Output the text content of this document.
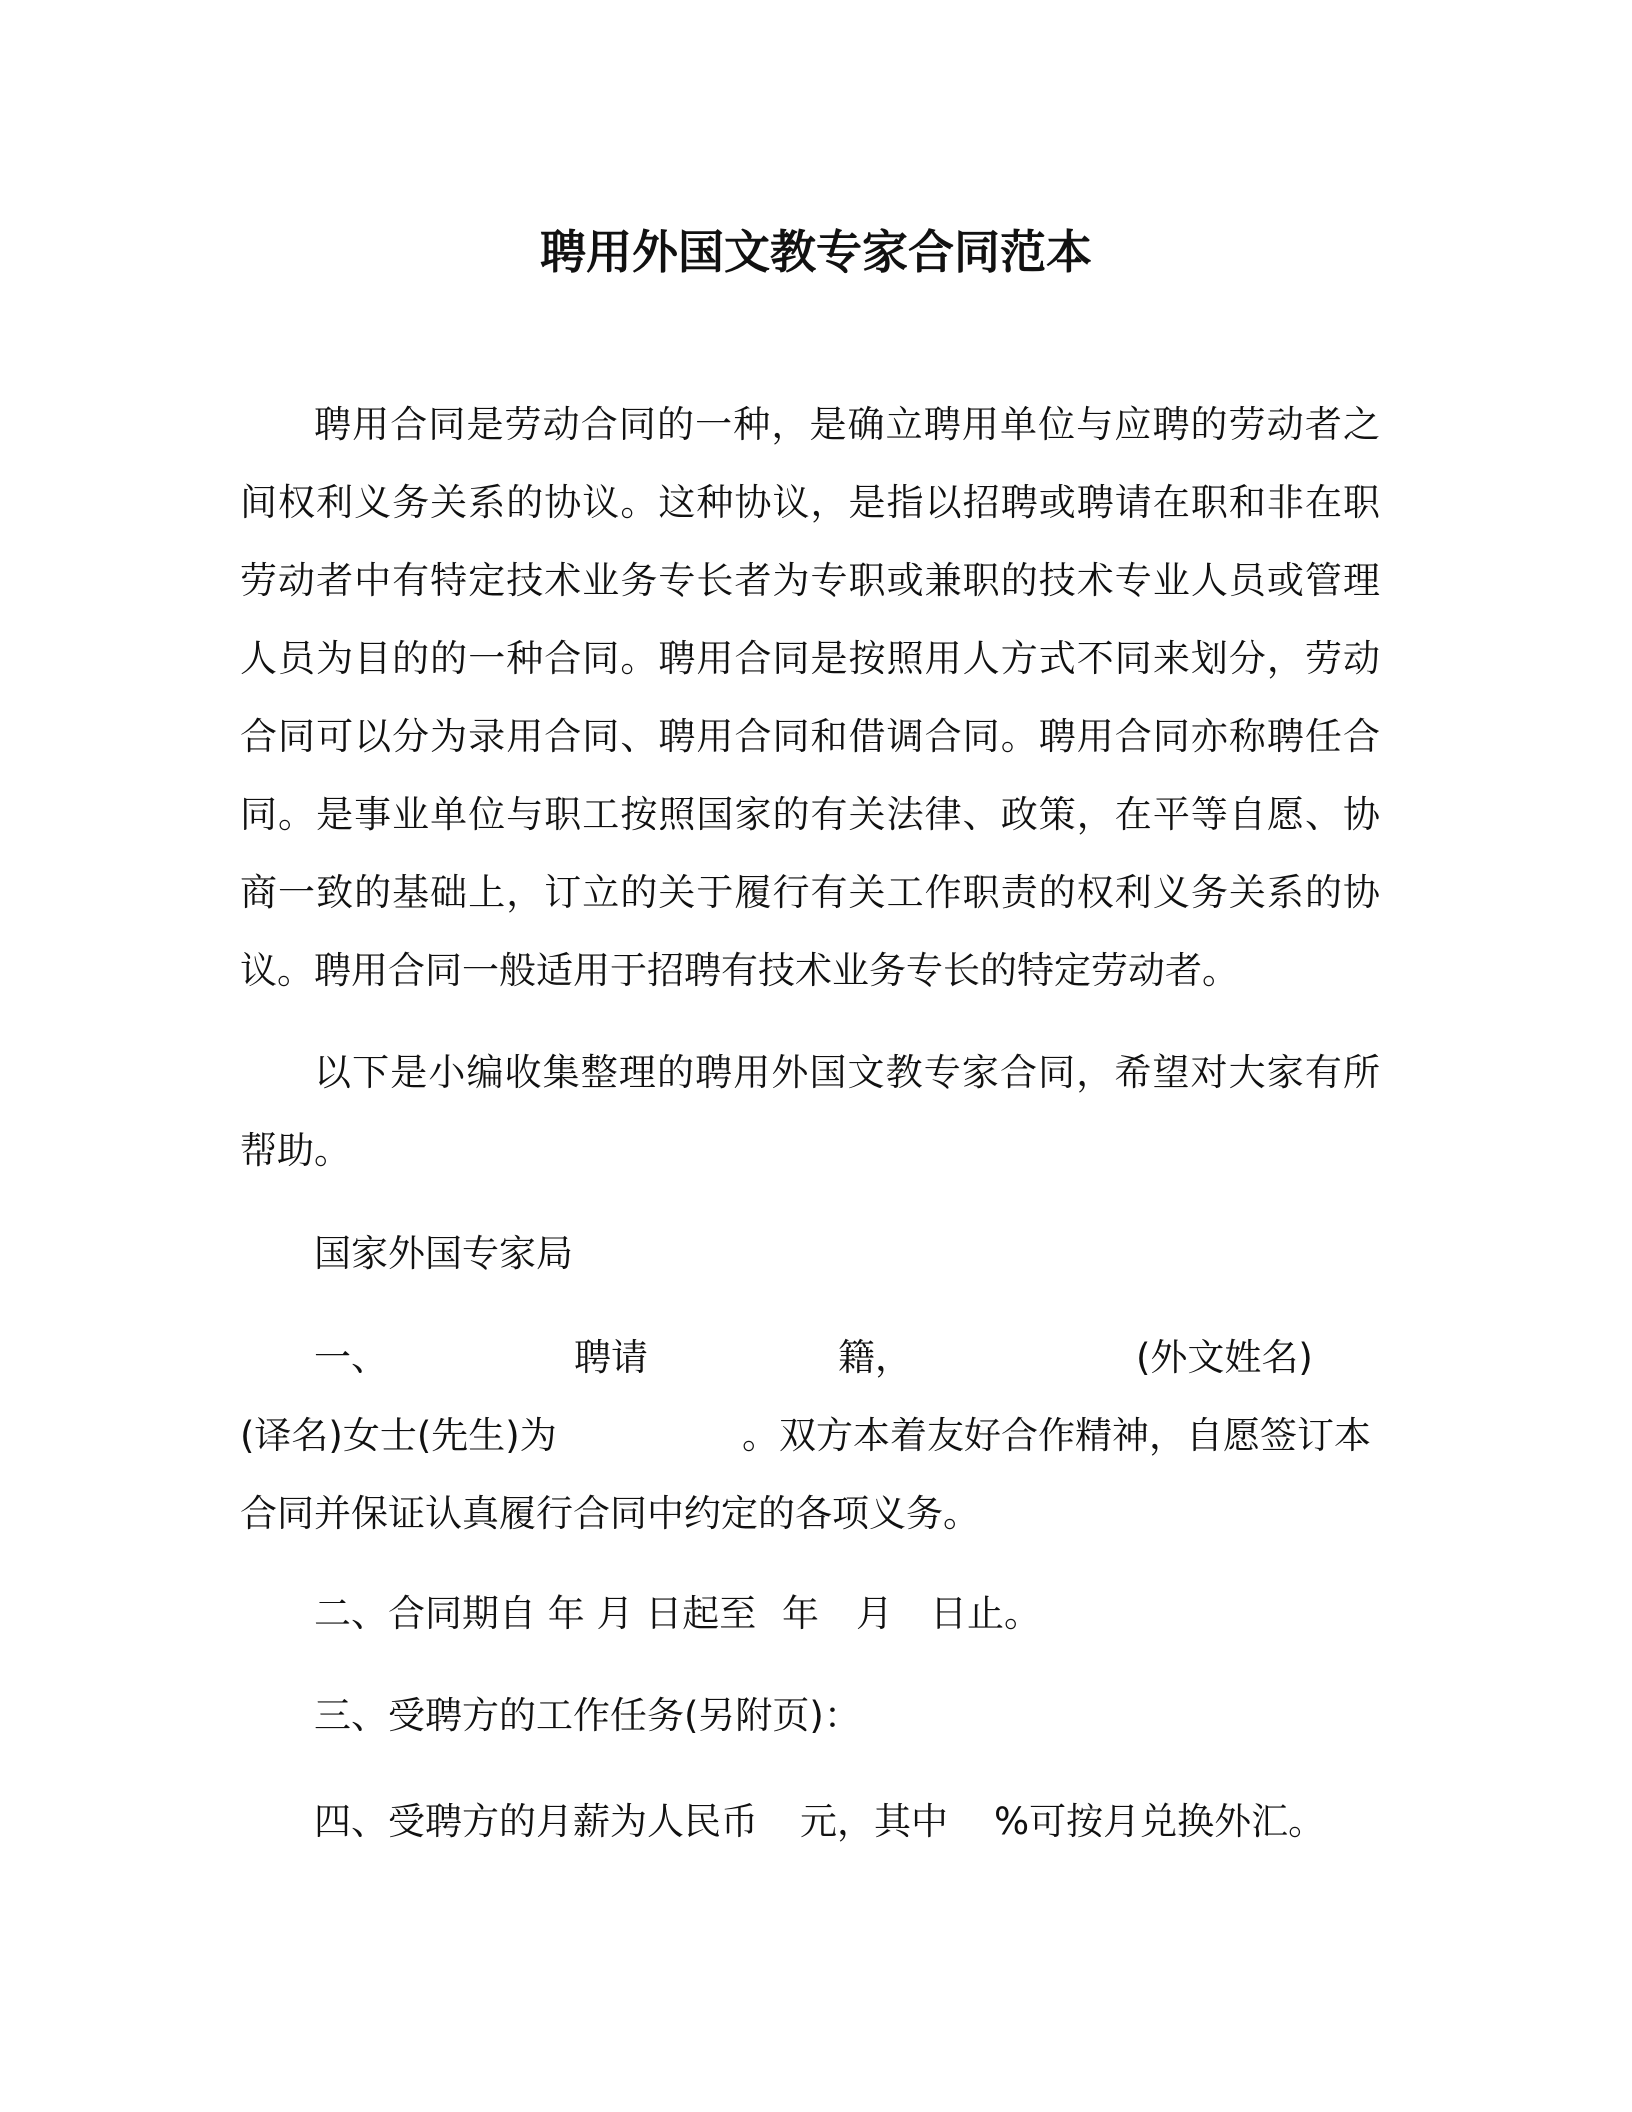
聘用外国文教专家合同范本
聘用合同是劳动合同的一种，是确立聘用单位与应聘的劳动者之间权利义务关系的协议。这种协议，是指以招聘或聘请在职和非在职劳动者中有特定技术业务专长者为专职或兼职的技术专业人员或管理人员为目的的一种合同。聘用合同是按照用人方式不同来划分，劳动合同可以分为录用合同、聘用合同和借调合同。聘用合同亦称聘任合同。是事业单位与职工按照国家的有关法律、政策，在平等自愿、协商一致的基础上，订立的关于履行有关工作职责的权利义务关系的协议。聘用合同一般适用于招聘有技术业务专长的特定劳动者。
以下是小编收集整理的聘用外国文教专家合同，希望对大家有所帮助。
国家外国专家局
一、	聘请	籍，	(外文姓名)
(译名)女士(先生)为	。双方本着友好合作精神，自愿签订本
合同并保证认真履行合同中约定的各项义务。
二、合同期自 年 月 日起至 年 月 日止。
三、受聘方的工作任务(另附页)：
四、受聘方的月薪为人民币 元，其中 %可按月兑换外汇。
